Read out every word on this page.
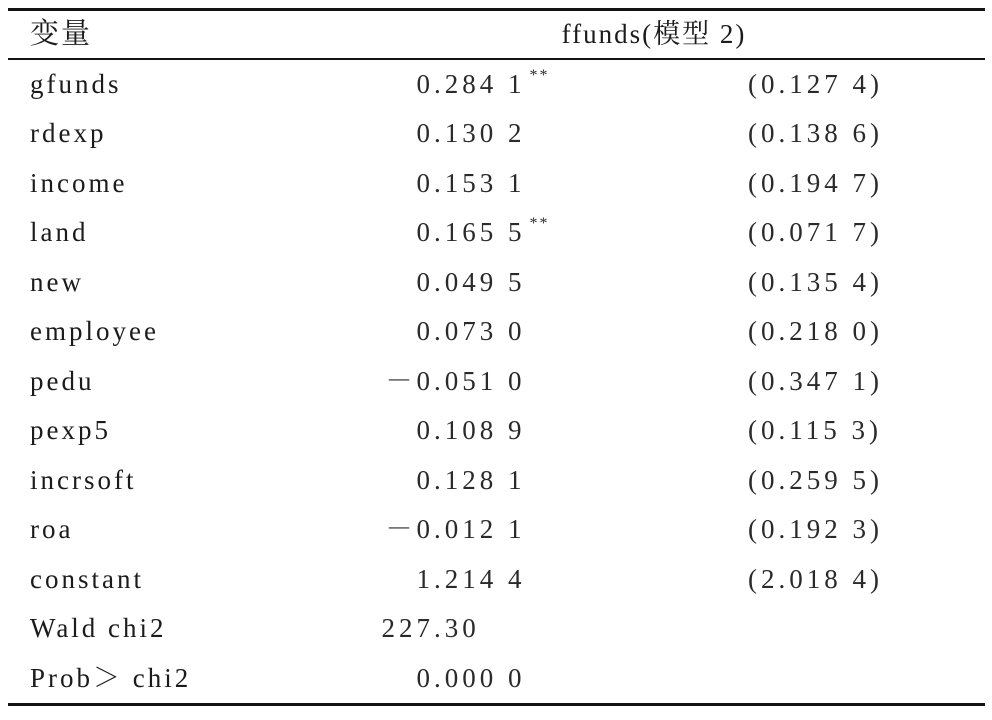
变量	ffunds(模型 2)
gfunds	0.284 1 **	(0.127 4)
rdexp	0.130 2	(0.138 6)
income	0.153 1	(0.194 7)
land	0.165 5 **	(0.071 7)
new	0.049 5	(0.135 4)
employee	0.073 0	(0.218 0)
pedu	－0.051 0	(0.347 1)
pexp5	0.108 9	(0.115 3)
incrsoft	0.128 1	(0.259 5)
roa	－0.012 1	(0.192 3)
constant	1.214 4	(2.018 4)
Wald chi2	227.30
Prob＞ chi2	0.000 0
